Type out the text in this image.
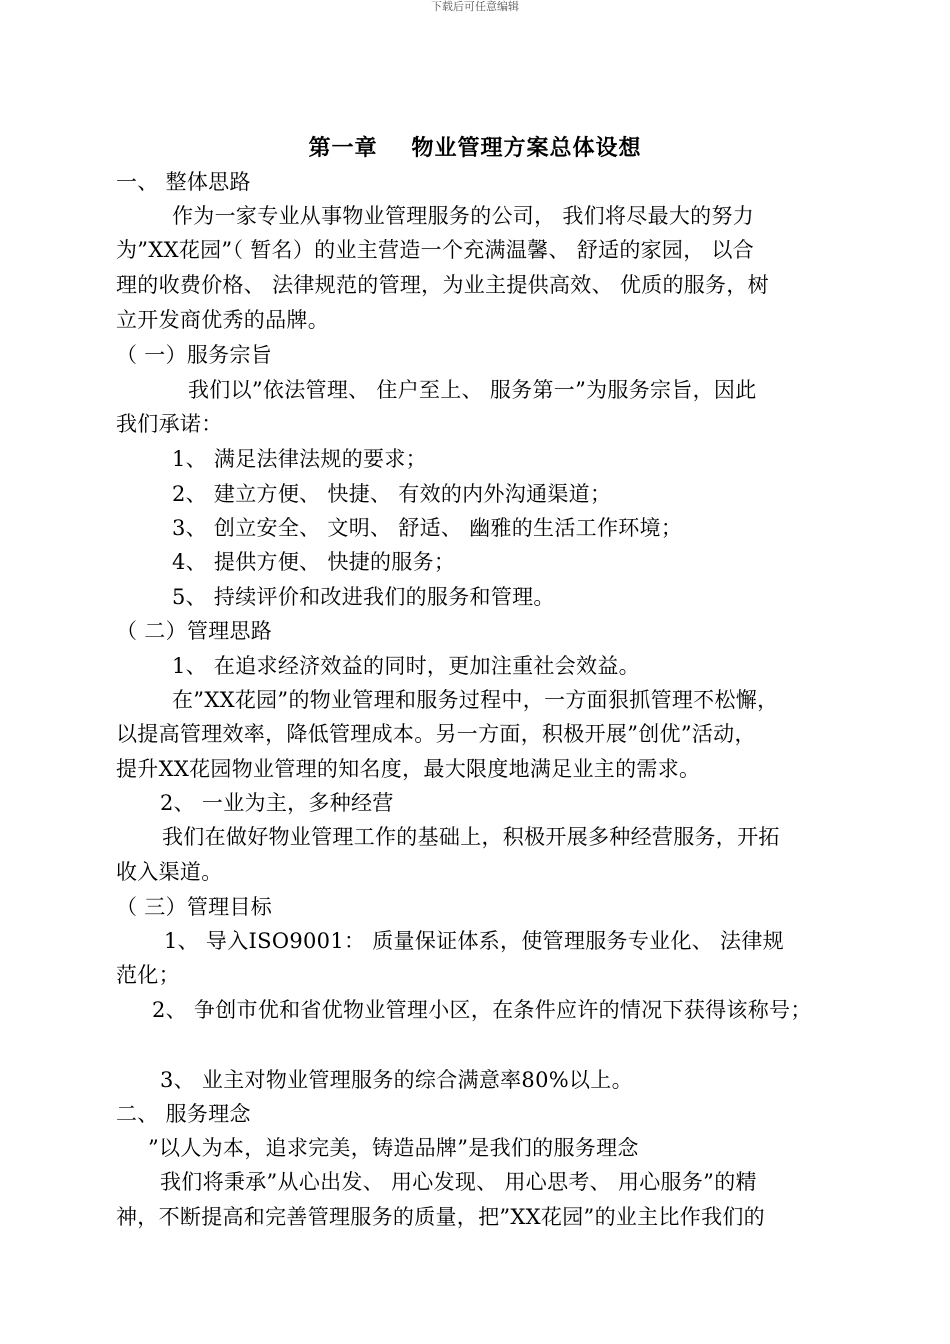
下载后可任意编辑
第一章 物业管理方案总体设想
一、 整体思路
作为一家专业从事物业管理服务的公司， 我们将尽最大的努力
为”XX花园”（ 暂名）的业主营造一个充满温馨、 舒适的家园， 以合
理的收费价格、 法律规范的管理，为业主提供高效、 优质的服务，树
立开发商优秀的品牌。
（ 一）服务宗旨
我们以”依法管理、 住户至上、 服务第一”为服务宗旨，因此
我们承诺：
1、 满足法律法规的要求；
2、 建立方便、 快捷、 有效的内外沟通渠道；
3、 创立安全、 文明、 舒适、 幽雅的生活工作环境；
4、 提供方便、 快捷的服务；
5、 持续评价和改进我们的服务和管理。
（ 二）管理思路
1、 在追求经济效益的同时，更加注重社会效益。
在”XX花园”的物业管理和服务过程中，一方面狠抓管理不松懈，
以提高管理效率，降低管理成本。另一方面，积极开展”创优”活动，
提升XX花园物业管理的知名度，最大限度地满足业主的需求。
2、 一业为主，多种经营
我们在做好物业管理工作的基础上，积极开展多种经营服务，开拓
收入渠道。
（ 三）管理目标
1、 导入ISO9001： 质量保证体系，使管理服务专业化、 法律规
范化；
2、 争创市优和省优物业管理小区，在条件应许的情况下获得该称号；
3、 业主对物业管理服务的综合满意率80%以上。
二、 服务理念
”以人为本，追求完美，铸造品牌”是我们的服务理念
我们将秉承”从心出发、 用心发现、 用心思考、 用心服务”的精
神，不断提高和完善管理服务的质量，把”XX花园”的业主比作我们的
